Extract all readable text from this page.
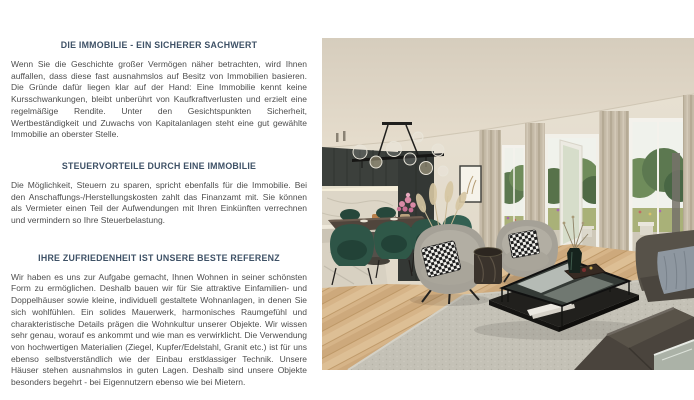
DIE IMMOBILIE - EIN SICHERER SACHWERT

Wenn Sie die Geschichte großer Vermögen näher betrachten, wird Ihnen auffallen, dass diese fast ausnahmslos auf Besitz von Immobilien basieren. Die Gründe dafür liegen klar auf der Hand: Eine Immobilie kennt keine Kursschwankungen, bleibt unberührt von Kaufkraftverlusten und erzielt eine regelmäßige Rendite. Unter den Gesichtspunkten Sicherheit, Wertbeständigkeit und Zuwachs von Kapitalanlagen steht eine gut gewählte Immobilie an oberster Stelle.

STEUERVORTEILE DURCH EINE IMMOBILIE

Die Möglichkeit, Steuern zu sparen, spricht ebenfalls für die Immobilie. Bei den Anschaffungs-/Herstellungskosten zahlt das Finanzamt mit. Sie können als Vermieter einen Teil der Aufwendungen mit Ihren Einkünften verrechnen und vermindern so Ihre Steuerbelastung.

IHRE ZUFRIEDENHEIT IST UNSERE BESTE REFERENZ

Wir haben es uns zur Aufgabe gemacht, Ihnen Wohnen in seiner schönsten Form zu ermöglichen. Deshalb bauen wir für Sie attraktive Einfamilien- und Doppelhäuser sowie kleine, individuell gestaltete Wohnanlagen, in denen Sie sich wohlfühlen. Ein solides Mauerwerk, harmonisches Raumgefühl und charakteristische Details prägen die Wohnkultur unserer Objekte. Wir wissen sehr genau, worauf es ankommt und wie man es verwirklicht. Die Verwendung von hochwertigen Materialien (Ziegel, Kupfer/Edelstahl, Granit etc.) ist für uns ebenso selbstverständlich wie der Einbau erstklassiger Technik. Unsere Häuser stehen ausnahmslos in guten Lagen. Deshalb sind unsere Objekte besonders begehrt - bei Eigennutzern ebenso wie bei Mietern.
